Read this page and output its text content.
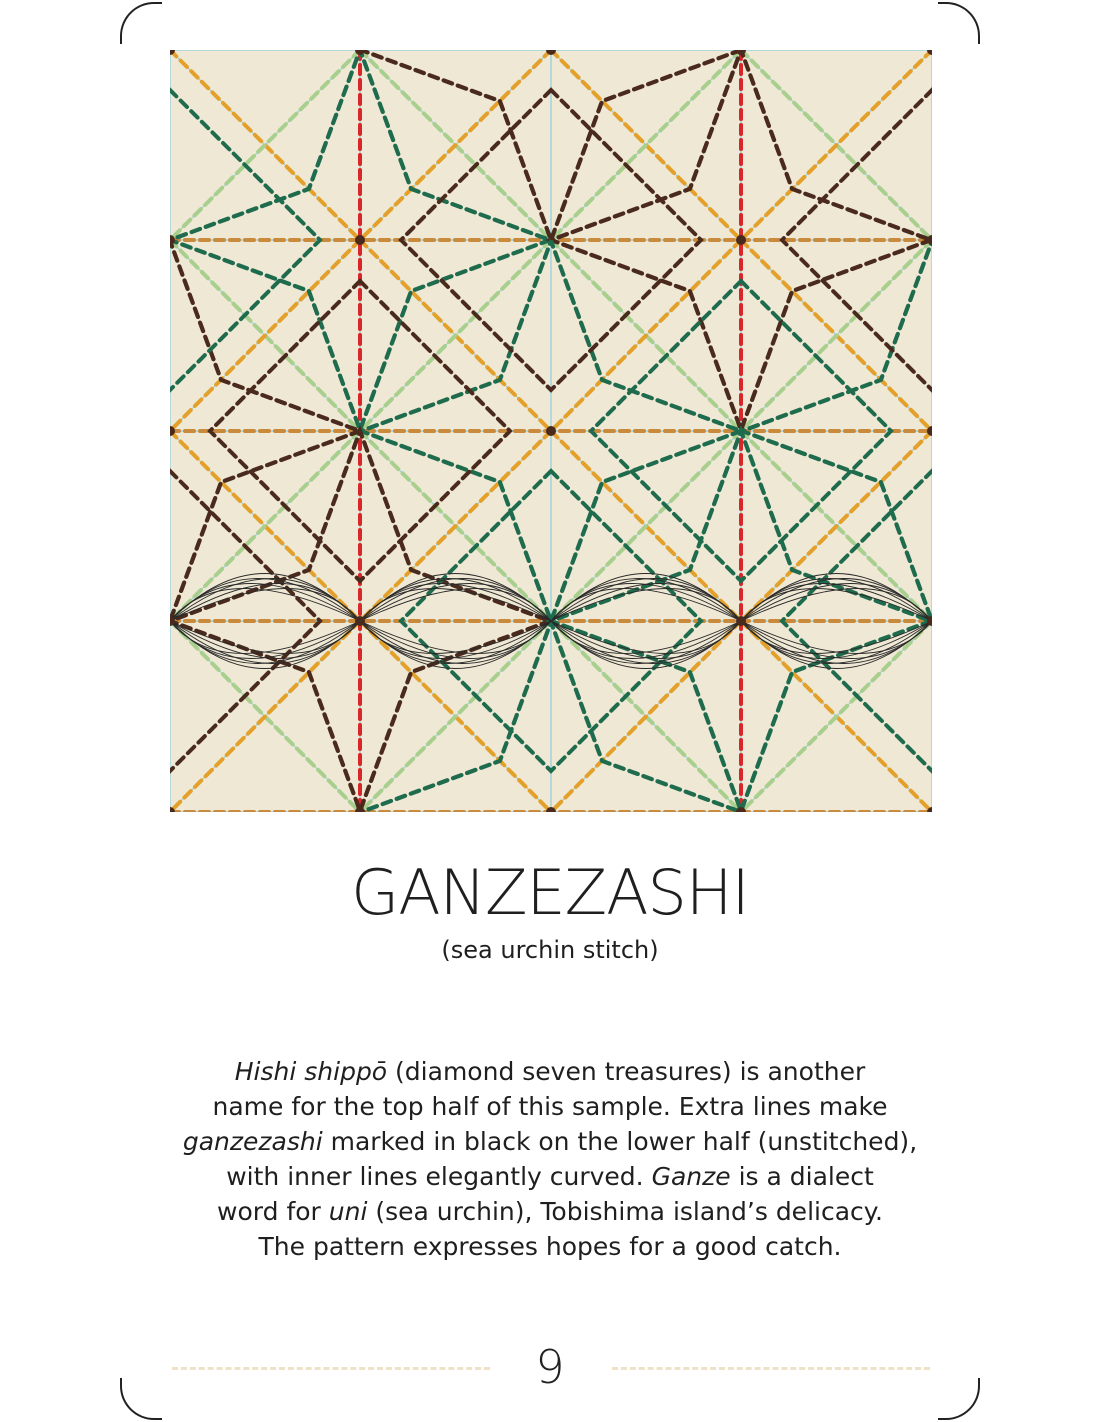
GANZEZASHI
(sea urchin stitch)

Hishi shippō (diamond seven treasures) is another

name for the top half of this sample. Extra lines make

ganzezashi marked in black on the lower half (unstitched),

with inner lines elegantly curved. Ganze is a dialect

word for uni (sea urchin), Tobishima island’s delicacy.

The pattern expresses hopes for a good catch.

9
